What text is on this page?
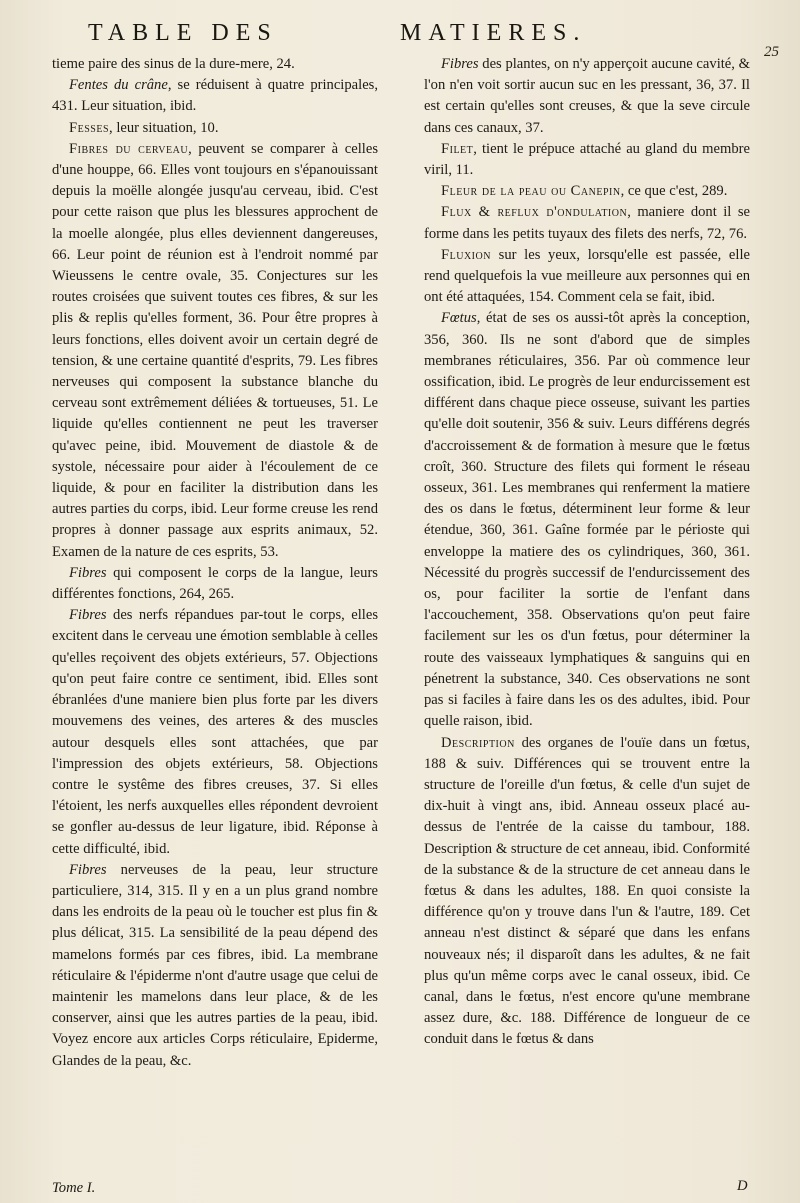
TABLE DES	MATIERES.
25

tieme paire des sinus de la dure-mere, 24.

Fentes du crâne, se réduisent à quatre principales, 431. Leur situation, ibid.

Fesses, leur situation, 10.

Fibres du cerveau, peuvent se comparer à celles d'une houppe, 66. Elles vont toujours en s'épanouissant depuis la moëlle alongée jusqu'au cerveau, ibid. C'est pour cette raison que plus les blessures approchent de la moelle alongée, plus elles deviennent dangereuses, 66. Leur point de réunion est à l'endroit nommé par Wieussens le centre ovale, 35. Conjectures sur les routes croisées que suivent toutes ces fibres, & sur les plis & replis qu'elles forment, 36. Pour être propres à leurs fonctions, elles doivent avoir un certain degré de tension, & une certaine quantité d'esprits, 79. Les fibres nerveuses qui composent la substance blanche du cerveau sont extrêmement déliées & tortueuses, 51. Le liquide qu'elles contiennent ne peut les traverser qu'avec peine, ibid. Mouvement de diastole & de systole, nécessaire pour aider à l'écoulement de ce liquide, & pour en faciliter la distribution dans les autres parties du corps, ibid. Leur forme creuse les rend propres à donner passage aux esprits animaux, 52. Examen de la nature de ces esprits, 53.

Fibres qui composent le corps de la langue, leurs différentes fonctions, 264, 265.

Fibres des nerfs répandues par-tout le corps, elles excitent dans le cerveau une émotion semblable à celles qu'elles reçoivent des objets extérieurs, 57. Objections qu'on peut faire contre ce sentiment, ibid. Elles sont ébranlées d'une maniere bien plus forte par les divers mouvemens des veines, des arteres & des muscles autour desquels elles sont attachées, que par l'impression des objets extérieurs, 58. Objections contre le systême des fibres creuses, 37. Si elles l'étoient, les nerfs auxquelles elles répondent devroient se gonfler au-dessus de leur ligature, ibid. Réponse à cette difficulté, ibid.

Fibres nerveuses de la peau, leur structure particuliere, 314, 315. Il y en a un plus grand nombre dans les endroits de la peau où le toucher est plus fin & plus délicat, 315. La sensibilité de la peau dépend des mamelons formés par ces fibres, ibid. La membrane réticulaire & l'épiderme n'ont d'autre usage que celui de maintenir les mamelons dans leur place, & de les conserver, ainsi que les autres parties de la peau, ibid. Voyez encore aux articles Corps réticulaire, Epiderme, Glandes de la peau, &c.

Fibres des plantes, on n'y apperçoit aucune cavité, & l'on n'en voit sortir aucun suc en les pressant, 36, 37. Il est certain qu'elles sont creuses, & que la seve circule dans ces canaux, 37.

Filet, tient le prépuce attaché au gland du membre viril, 11.

Fleur de la peau ou Canepin, ce que c'est, 289.

Flux & reflux d'ondulation, maniere dont il se forme dans les petits tuyaux des filets des nerfs, 72, 76.

Fluxion sur les yeux, lorsqu'elle est passée, elle rend quelquefois la vue meilleure aux personnes qui en ont été attaquées, 154. Comment cela se fait, ibid.

Fœtus, état de ses os aussi-tôt après la conception, 356, 360. Ils ne sont d'abord que de simples membranes réticulaires, 356. Par où commence leur ossification, ibid. Le progrès de leur endurcissement est différent dans chaque piece osseuse, suivant les parties qu'elle doit soutenir, 356 & suiv. Leurs différens degrés d'accroissement & de formation à mesure que le fœtus croît, 360. Structure des filets qui forment le réseau osseux, 361. Les membranes qui renferment la matiere des os dans le fœtus, déterminent leur forme & leur étendue, 360, 361. Gaîne formée par le périoste qui enveloppe la matiere des os cylindriques, 360, 361. Nécessité du progrès successif de l'endurcissement des os, pour faciliter la sortie de l'enfant dans l'accouchement, 358. Observations qu'on peut faire facilement sur les os d'un fœtus, pour déterminer la route des vaisseaux lymphatiques & sanguins qui en pénetrent la substance, 340. Ces observations ne sont pas si faciles à faire dans les os des adultes, ibid. Pour quelle raison, ibid.

Description des organes de l'ouïe dans un fœtus, 188 & suiv. Différences qui se trouvent entre la structure de l'oreille d'un fœtus, & celle d'un sujet de dix-huit à vingt ans, ibid. Anneau osseux placé au-dessus de l'entrée de la caisse du tambour, 188. Description & structure de cet anneau, ibid. Conformité de la substance & de la structure de cet anneau dans le fœtus & dans les adultes, 188. En quoi consiste la différence qu'on y trouve dans l'un & l'autre, 189. Cet anneau n'est distinct & séparé que dans les enfans nouveaux nés; il disparoît dans les adultes, & ne fait plus qu'un même corps avec le canal osseux, ibid. Ce canal, dans le fœtus, n'est encore qu'une membrane assez dure, &c. 188. Différence de longueur de ce conduit dans le fœtus & dans

Tome I.	D
